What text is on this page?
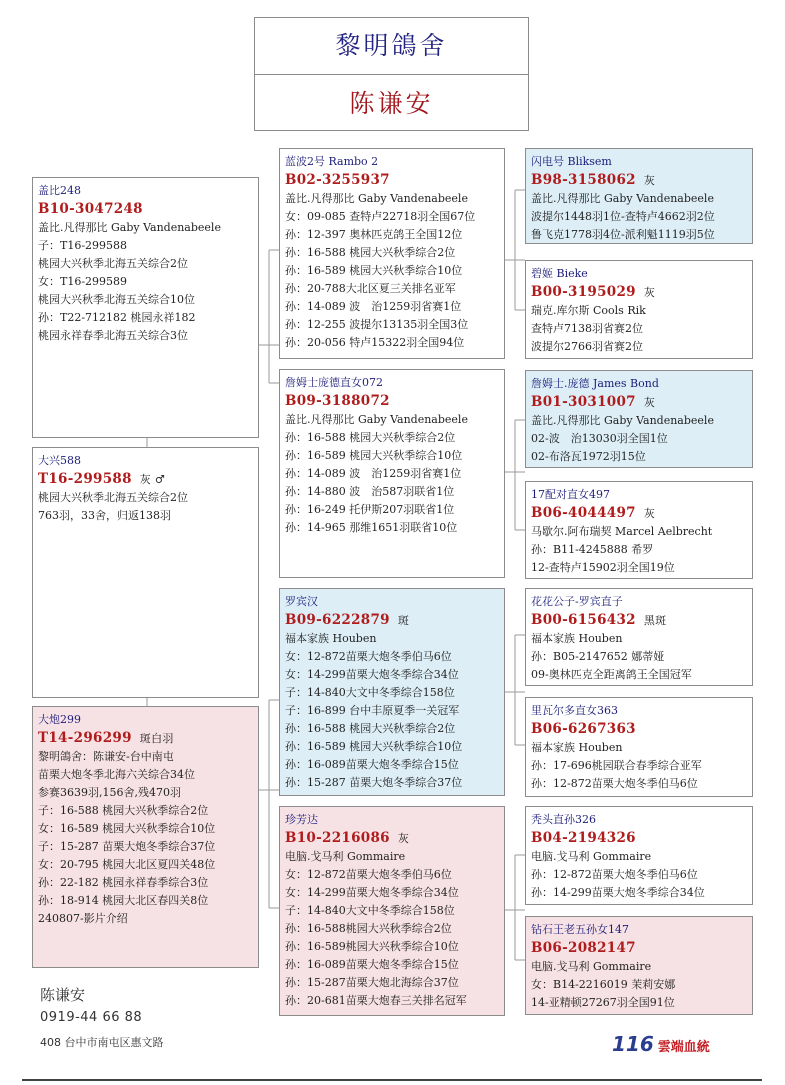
黎明鴿舍
陈谦安
盖比248
B10-3047248
盖比.凡得那比 Gaby Vandenabeele
子：T16-299588
桃园大兴秋季北海五关综合2位
女：T16-299589
桃园大兴秋季北海五关综合10位
孙：T22-712182 桃园永祥182
桃园永祥春季北海五关综合3位
大兴588
T16-299588 灰 ♂
桃园大兴秋季北海五关综合2位
763羽，33舍，归返138羽
大炮299
T14-296299 斑白羽
黎明鴿舍：陈谦安-台中南屯
苗栗大炮冬季北海六关综合34位
参赛3639羽,156舍,残470羽
子：16-588 桃园大兴秋季综合2位
女：16-589 桃园大兴秋季综合10位
子：15-287 苗栗大炮冬季综合37位
女：20-795 桃园大北区夏四关48位
孙：22-182 桃园永祥春季综合3位
孙：18-914 桃园大北区春四关8位
240807-影片介绍
蓝波2号 Rambo 2
B02-3255937
盖比.凡得那比 Gaby Vandenabeele
女：09-085 查特卢22718羽全国67位
孙：12-397 奥林匹克鸽王全国12位
孙：16-588 桃园大兴秋季综合2位
孙：16-589 桃园大兴秋季综合10位
孙：20-788大北区夏三关排名亚军
孙：14-089 波　治1259羽省赛1位
孙：12-255 波提尔13135羽全国3位
孙：20-056 特卢15322羽全国94位
詹姆士庞德直女072
B09-3188072
盖比.凡得那比 Gaby Vandenabeele
孙：16-588 桃园大兴秋季综合2位
孙：16-589 桃园大兴秋季综合10位
孙：14-089 波　治1259羽省赛1位
孙：14-880 波　治587羽联省1位
孙：16-249 托伊斯207羽联省1位
孙：14-965 那维1651羽联省10位
罗宾汉
B09-6222879 斑
福本家族 Houben
女：12-872苗栗大炮冬季伯马6位
女：14-299苗栗大炮冬季综合34位
子：14-840大文中冬季综合158位
子：16-899 台中丰原夏季一关冠军
孙：16-588 桃园大兴秋季综合2位
孙：16-589 桃园大兴秋季综合10位
孙：16-089苗栗大炮冬季综合15位
孙：15-287 苗栗大炮冬季综合37位
珍芳达
B10-2216086 灰
电脑.戈马利 Gommaire
女：12-872苗栗大炮冬季伯马6位
女：14-299苗栗大炮冬季综合34位
子：14-840大文中冬季综合158位
孙：16-588桃园大兴秋季综合2位
孙：16-589桃园大兴秋季综合10位
孙：16-089苗栗大炮冬季综合15位
孙：15-287苗栗大炮北海综合37位
孙：20-681苗栗大炮春三关排名冠军
闪电号 Bliksem
B98-3158062 灰
盖比.凡得那比 Gaby Vandenabeele
波提尔1448羽1位-查特卢4662羽2位
鲁飞克1778羽4位-派利魁1119羽5位
碧姬 Bieke
B00-3195029 灰
瑞克.库尔斯 Cools Rik
查特卢7138羽省赛2位
波提尔2766羽省赛2位
詹姆士.庞德 James Bond
B01-3031007 灰
盖比.凡得那比 Gaby Vandenabeele
02-波　治13030羽全国1位
02-布洛瓦1972羽15位
17配对直女497
B06-4044497 灰
马歇尔.阿布瑞契 Marcel Aelbrecht
孙：B11-4245888 希罗
12-查特卢15902羽全国19位
花花公子-罗宾直子
B00-6156432 黑斑
福本家族 Houben
孙：B05-2147652 娜蒂娅
09-奥林匹克全距离鸽王全国冠军
里瓦尔多直女363
B06-6267363
福本家族 Houben
孙：17-696桃园联合春季综合亚军
孙：12-872苗栗大炮冬季伯马6位
秃头直孙326
B04-2194326
电脑.戈马利 Gommaire
孙：12-872苗栗大炮冬季伯马6位
孙：14-299苗栗大炮冬季综合34位
钻石王老五孙女147
B06-2082147
电脑.戈马利 Gommaire
女：B14-2216019 茉莉安娜
14-亚精顿27267羽全国91位
陈谦安
0919-44 66 88
408 台中市南屯区惠文路	116 雲端血統
